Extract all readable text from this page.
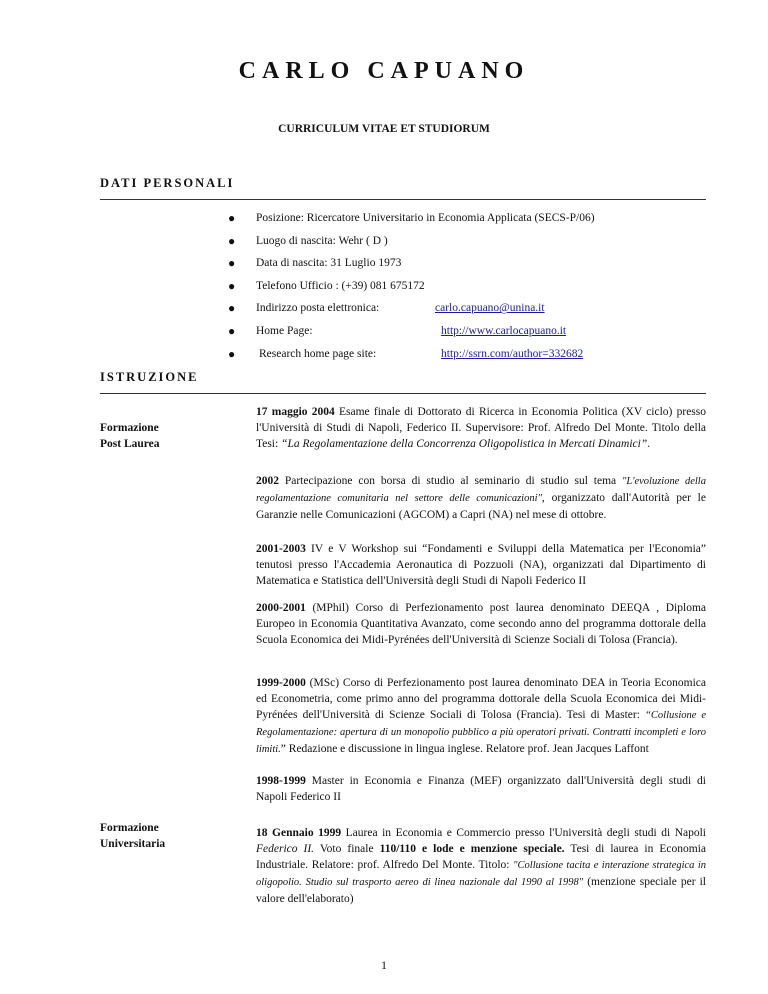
CARLO CAPUANO
CURRICULUM VITAE ET STUDIORUM
DATI PERSONALI
● Posizione: Ricercatore Universitario in Economia Applicata (SECS-P/06)
● Luogo di nascita: Wehr ( D )
● Data di nascita: 31 Luglio 1973
● Telefono Ufficio : (+39) 081 675172
● Indirizzo posta elettronica:	carlo.capuano@unina.it
● Home Page:	http://www.carlocapuano.it
● Research home page site:	http://ssrn.com/author=332682
ISTRUZIONE
Formazione
Post Laurea
17 maggio 2004 Esame finale di Dottorato di Ricerca in Economia Politica (XV ciclo) presso l'Università di Studi di Napoli, Federico II. Supervisore: Prof. Alfredo Del Monte. Titolo della Tesi: “La Regolamentazione della Concorrenza Oligopolistica in Mercati Dinamici”.
2002 Partecipazione con borsa di studio al seminario di studio sul tema "L'evoluzione della regolamentazione comunitaria nel settore delle comunicazioni", organizzato dall'Autorità per le Garanzie nelle Comunicazioni (AGCOM) a Capri (NA) nel mese di ottobre.
2001-2003 IV e V Workshop sui “Fondamenti e Sviluppi della Matematica per l'Economia” tenutosi presso l'Accademia Aeronautica di Pozzuoli (NA), organizzati dal Dipartimento di Matematica e Statistica dell'Università degli Studi di Napoli Federico II
2000-2001 (MPhil) Corso di Perfezionamento post laurea denominato DEEQA , Diploma Europeo in Economia Quantitativa Avanzato, come secondo anno del programma dottorale della Scuola Economica dei Midi-Pyrénées dell'Università di Scienze Sociali di Tolosa (Francia).
1999-2000 (MSc) Corso di Perfezionamento post laurea denominato DEA in Teoria Economica ed Econometria, come primo anno del programma dottorale della Scuola Economica dei Midi-Pyrénées dell'Università di Scienze Sociali di Tolosa (Francia). Tesi di Master: “Collusione e Regolamentazione: apertura di un monopolio pubblico a più operatori privati. Contratti incompleti e loro limiti.” Redazione e discussione in lingua inglese. Relatore prof. Jean Jacques Laffont
1998-1999 Master in Economia e Finanza (MEF) organizzato dall'Università degli studi di Napoli Federico II
Formazione
Universitaria
18 Gennaio 1999 Laurea in Economia e Commercio presso l'Università degli studi di Napoli Federico II. Voto finale 110/110 e lode e menzione speciale. Tesi di laurea in Economia Industriale. Relatore: prof. Alfredo Del Monte. Titolo: "Collusione tacita e interazione strategica in oligopolio. Studio sul trasporto aereo di linea nazionale dal 1990 al 1998" (menzione speciale per il valore dell'elaborato)
1
